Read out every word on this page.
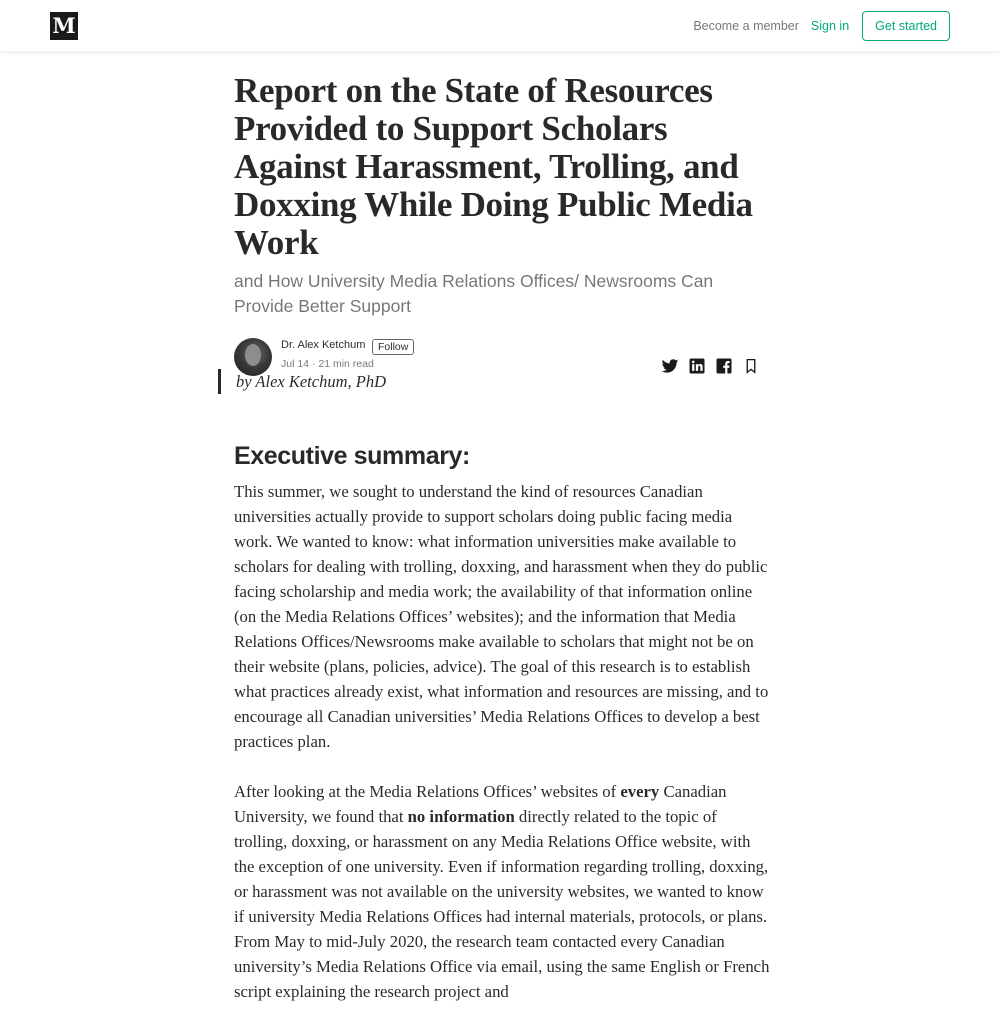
M	Become a member Sign in	Get started
Report on the State of Resources Provided to Support Scholars Against Harassment, Trolling, and Doxxing While Doing Public Media Work
and How University Media Relations Offices/ Newsrooms Can Provide Better Support
Dr. Alex Ketchum	Follow
Jul 14 · 21 min read
by Alex Ketchum, PhD
Executive summary:

This summer, we sought to understand the kind of resources Canadian universities actually provide to support scholars doing public facing media work. We wanted to know: what information universities make available to scholars for dealing with trolling, doxxing, and harassment when they do public facing scholarship and media work; the availability of that information online (on the Media Relations Offices’ websites); and the information that Media Relations Offices/Newsrooms make available to scholars that might not be on their website (plans, policies, advice). The goal of this research is to establish what practices already exist, what information and resources are missing, and to encourage all Canadian universities’ Media Relations Offices to develop a best practices plan.

After looking at the Media Relations Offices’ websites of every Canadian University, we found that no information directly related to the topic of trolling, doxxing, or harassment on any Media Relations Office website, with the exception of one university. Even if information regarding trolling, doxxing, or harassment was not available on the university websites, we wanted to know if university Media Relations Offices had internal materials, protocols, or plans. From May to mid-July 2020, the research team contacted every Canadian university’s Media Relations Office via email, using the same English or French script explaining the research project and
